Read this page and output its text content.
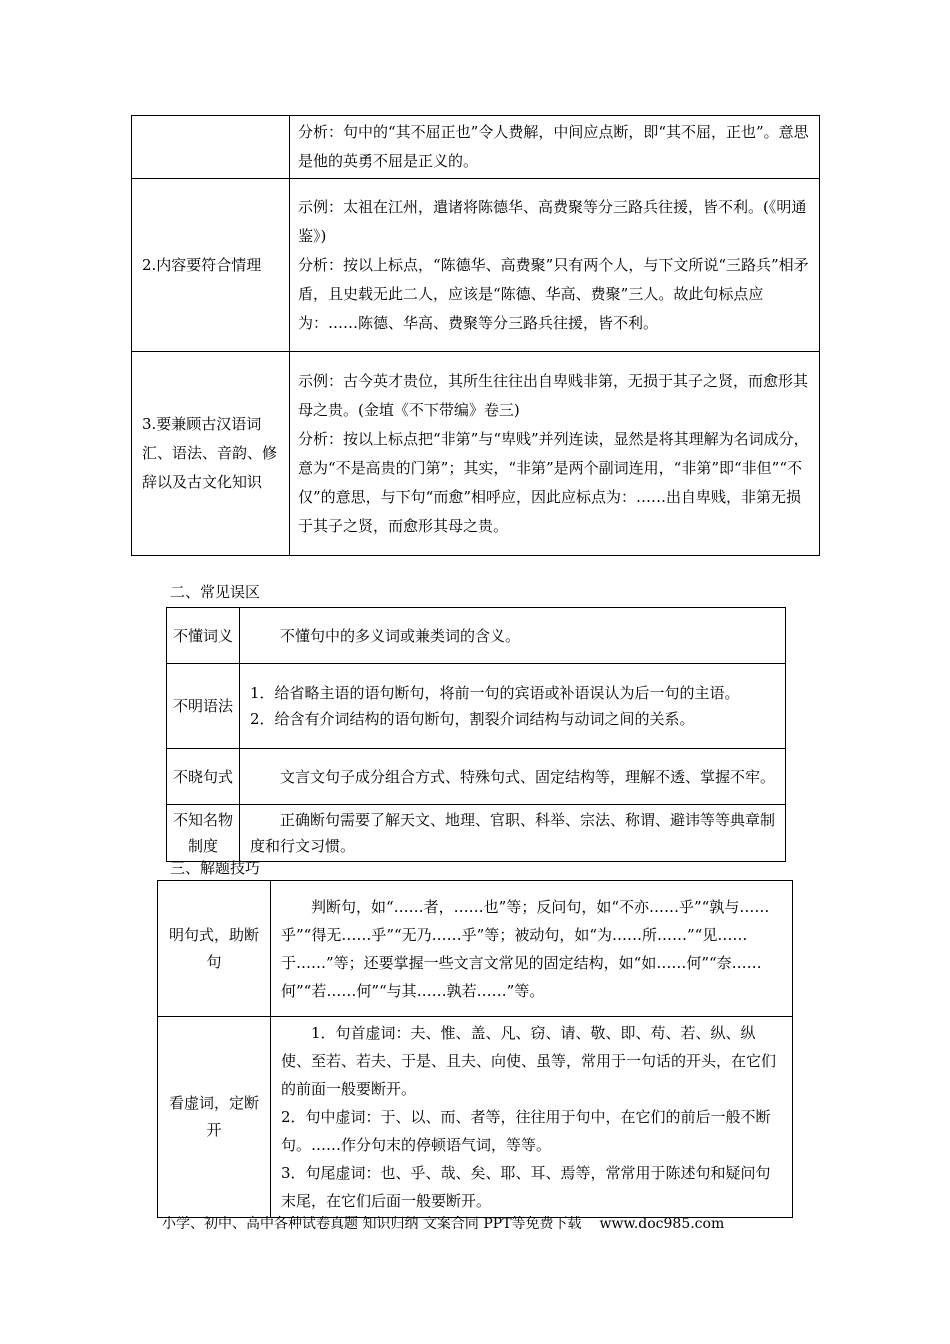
	分析：句中的“其不屈正也”令人费解，中间应点断，即“其不屈，正也”。意思是他的英勇不屈是正义的。

2.内容要符合情理	示例：太祖在江州，遣诸将陈德华、高费聚等分三路兵往援，皆不利。(《明通鉴》)

分析：按以上标点，“陈德华、高费聚”只有两个人，与下文所说“三路兵”相矛盾，且史载无此二人，应该是“陈德、华高、费聚”三人。故此句标点应为：……陈德、华高、费聚等分三路兵往援，皆不利。

3.要兼顾古汉语词汇、语法、音韵、修辞以及古文化知识	示例：古今英才贵位，其所生往往出自卑贱非第，无损于其子之贤，而愈形其母之贵。(金埴《不下带编》卷三)

分析：按以上标点把“非第”与“卑贱”并列连读，显然是将其理解为名词成分，意为“不是高贵的门第”；其实，“非第”是两个副词连用，“非第”即“非但”“不仅”的意思，与下句“而愈”相呼应，因此应标点为：……出自卑贱，非第无损于其子之贤，而愈形其母之贵。

二、常见误区
不懂词义	不懂句中的多义词或兼类词的含义。

不明语法	1．给省略主语的语句断句，将前一句的宾语或补语误认为后一句的主语。

2．给含有介词结构的语句断句，割裂介词结构与动词之间的关系。

不晓句式	文言文句子成分组合方式、特殊句式、固定结构等，理解不透、掌握不牢。

不知名物制度	正确断句需要了解天文、地理、官职、科举、宗法、称谓、避讳等等典章制度和行文习惯。

三、解题技巧
明句式，助断句	判断句，如“……者，……也”等；反问句，如“不亦……乎”“孰与……乎”“得无……乎”“无乃……乎”等；被动句，如“为……所……”“见……于……”等；还要掌握一些文言文常见的固定结构，如“如……何”“奈……何”“若……何”“与其……孰若……”等。

看虚词，定断开	1．句首虚词：夫、惟、盖、凡、窃、请、敬、即、苟、若、纵、纵使、至若、若夫、于是、且夫、向使、虽等，常用于一句话的开头，在它们的前面一般要断开。

2．句中虚词：于、以、而、者等，往往用于句中，在它们的前后一般不断句。……作分句末的停顿语气词，等等。

3．句尾虚词：也、乎、哉、矣、耶、耳、焉等，常常用于陈述句和疑问句末尾，在它们后面一般要断开。

小学、初中、高中各种试卷真题 知识归纳 文案合同 PPT等免费下载 www.doc985.com
